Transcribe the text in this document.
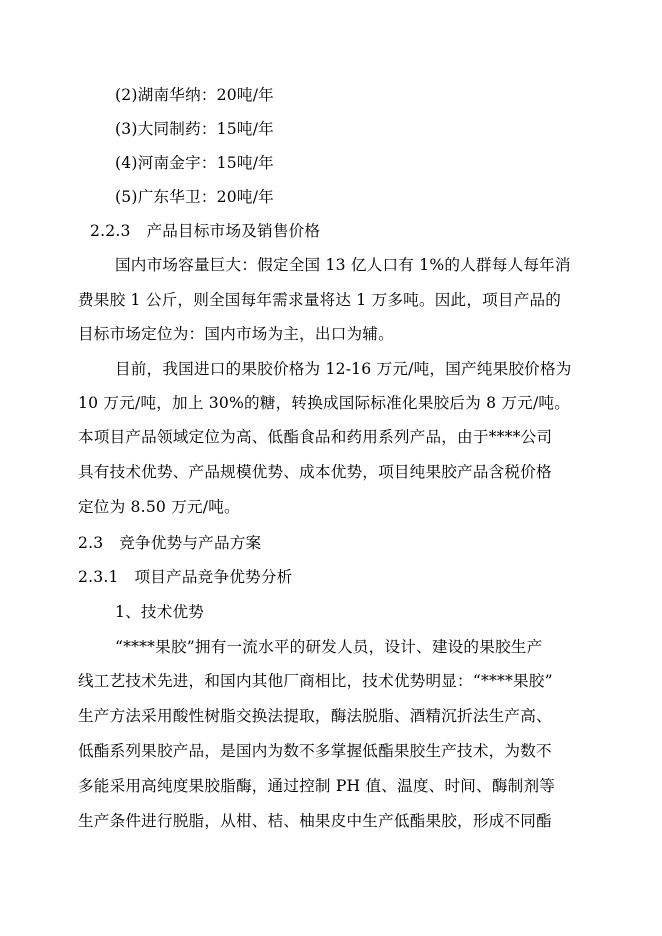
(2)湖南华纳：20吨/年
(3)大同制药：15吨/年
(4)河南金宇：15吨/年
(5)广东华卫：20吨/年
2.2.3　产品目标市场及销售价格
国内市场容量巨大：假定全国 13 亿人口有 1%的人群每人每年消
费果胶 1 公斤，则全国每年需求量将达 1 万多吨。因此，项目产品的
目标市场定位为：国内市场为主，出口为辅。
目前，我国进口的果胶价格为 12-16 万元/吨，国产纯果胶价格为
10 万元/吨，加上 30%的糖，转换成国际标准化果胶后为 8 万元/吨。
本项目产品领域定位为高、低酯食品和药用系列产品，由于****公司
具有技术优势、产品规模优势、成本优势，项目纯果胶产品含税价格
定位为 8.50 万元/吨。
2.3　竞争优势与产品方案
2.3.1　项目产品竞争优势分析
1、技术优势
“****果胶”拥有一流水平的研发人员，设计、建设的果胶生产
线工艺技术先进，和国内其他厂商相比，技术优势明显：“****果胶”
生产方法采用酸性树脂交换法提取，酶法脱脂、酒精沉折法生产高、
低酯系列果胶产品，是国内为数不多掌握低酯果胶生产技术，为数不
多能采用高纯度果胶脂酶，通过控制 PH 值、温度、时间、酶制剂等
生产条件进行脱脂，从柑、桔、柚果皮中生产低酯果胶，形成不同酯
